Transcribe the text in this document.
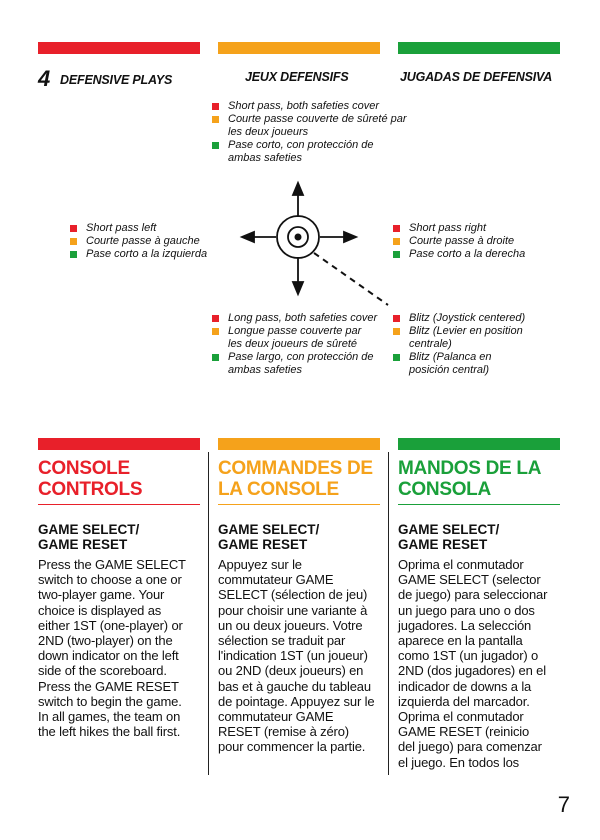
4 DEFENSIVE PLAYS	JEUX DEFENSIFS	JUGADAS DE DEFENSIVA
Short pass, both safeties cover
Courte passe couverte de sûreté par les deux joueurs
Pase corto, con protección de ambas safeties
Short pass left
Courte passe à gauche
Pase corto a la izquierda
Short pass right
Courte passe à droite
Pase corto a la derecha
Long pass, both safeties cover
Longue passe couverte par les deux joueurs de sûreté
Pase largo, con protección de ambas safeties
Blitz (Joystick centered)
Blitz (Levier en position centrale)
Blitz (Palanca en posición central)
CONSOLE CONTROLS
COMMANDES DE LA CONSOLE
MANDOS DE LA CONSOLA
GAME SELECT/ GAME RESET
GAME SELECT/ GAME RESET
GAME SELECT/ GAME RESET
Press the GAME SELECT switch to choose a one or two-player game. Your choice is displayed as either 1ST (one-player) or 2ND (two-player) on the down indicator on the left side of the scoreboard. Press the GAME RESET switch to begin the game. In all games, the team on the left hikes the ball first.
Appuyez sur le commutateur GAME SELECT (sélection de jeu) pour choisir une variante à un ou deux joueurs. Votre sélection se traduit par l'indication 1ST (un joueur) ou 2ND (deux joueurs) en bas et à gauche du tableau de pointage. Appuyez sur le commutateur GAME RESET (remise à zéro) pour commencer la partie.
Oprima el conmutador GAME SELECT (selector de juego) para seleccionar un juego para uno o dos jugadores. La selección aparece en la pantalla como 1ST (un jugador) o 2ND (dos jugadores) en el indicador de downs a la izquierda del marcador. Oprima el conmutador GAME RESET (reinicio del juego) para comenzar el juego. En todos los
7
